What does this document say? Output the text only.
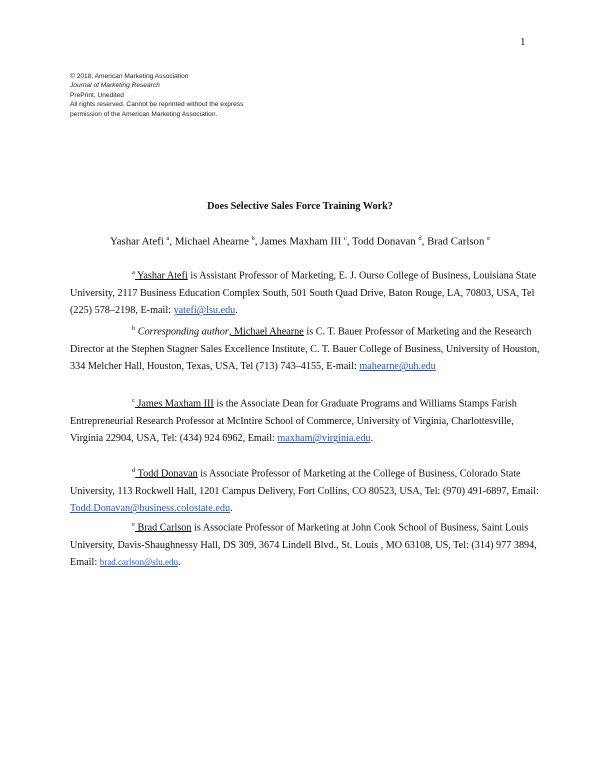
1
© 2018, American Marketing Association
Journal of Marketing Research
PrePrint, Unedited
All rights reserved. Cannot be reprinted without the express
permission of the American Marketing Association.
Does Selective Sales Force Training Work?
Yashar Atefi $^a$, Michael Ahearne $^b$, James Maxham III $^c$, Todd Donavan $^d$, Brad Carlson $^e$

$^a$ Yashar Atefi is Assistant Professor of Marketing, E. J. Ourso College of Business, Louisiana State University, 2117 Business Education Complex South, 501 South Quad Drive, Baton Rouge, LA, 70803, USA, Tel (225) 578–2198, E-mail: yatefi@lsu.edu.

$^b$ Corresponding author, Michael Ahearne is C. T. Bauer Professor of Marketing and the Research Director at the Stephen Stagner Sales Excellence Institute, C. T. Bauer College of Business, University of Houston, 334 Melcher Hall, Houston, Texas, USA, Tel (713) 743–4155, E-mail: mahearne@uh.edu

$^c$ James Maxham III is the Associate Dean for Graduate Programs and Williams Stamps Farish Entrepreneurial Research Professor at McIntire School of Commerce, University of Virginia, Charlottesville, Virginia 22904, USA, Tel: (434) 924 6962, Email: maxham@virginia.edu.

$^d$ Todd Donavan is Associate Professor of Marketing at the College of Business, Colorado State University, 113 Rockwell Hall, 1201 Campus Delivery, Fort Collins, CO 80523, USA, Tel: (970) 491-6897, Email: Todd.Donavan@business.colostate.edu.

$^e$ Brad Carlson is Associate Professor of Marketing at John Cook School of Business, Saint Louis University, Davis-Shaughnessy Hall, DS 309, 3674 Lindell Blvd., St. Louis , MO 63108, US, Tel: (314) 977 3894, Email: brad.carlson@slu.edu.
